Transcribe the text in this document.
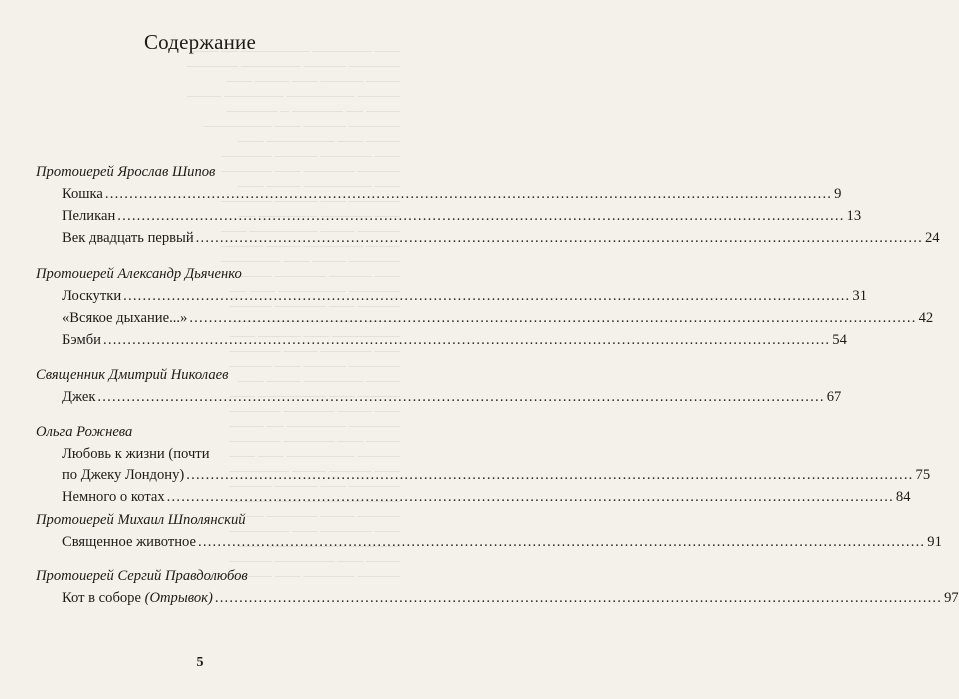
─── ─────── ──────── ── ───
────── ───── ─────── ──────
──── ───── ─── ──── ───
───── ──────── ─────── ────
──── ── ────── ─ ──────
────── ───── ─── ────────
──── ─── ──────── ───
─── ────── ───── ──────
───── ────── ─── ──────
─── ──────── ──── ───
────── ─── ───── ──────
─── ────── ─────── ──
───── ──── ──────── ───
──── ─────── ──── ─────
────── ──── ─── ───────
─── ───── ────── ────
────── ──────── ─── ──
───── ─── ────── ─────
──── ─────── ──── ────
──────── ─── ───── ───
─── ────── ──── ──────
────── ───── ─── ─────
──── ─────── ──── ───
───── ─── ──────── ───
─── ──── ────── ──────
────── ─────── ── ────
──── ─── ────── ──────
───── ──────── ─── ───
─── ───── ──── ───────
────── ─── ───── ─────
──── ─────── ─── ─────
───── ──── ────── ────
─── ────── ─── ───────
────── ───── ──── ───
──── ─── ─────── ─────
───── ────── ─── ─────
Содержание
Протоиерей Ярослав Шипов
Кошка .....	9
Пеликан .....	13
Век двадцать первый .....	24
Протоиерей Александр Дьяченко
Лоскутки .....	31
«Всякое дыхание...» .....	42
Бэмби .....	54
Священник Дмитрий Николаев
Джек .....	67
Ольга Рожнева
Любовь к жизни (почти
по Джеку Лондону) .....	75
Немного о котах .....	84
Протоиерей Михаил Шполянский
Священное животное .....	91
Протоиерей Сергий Правдолюбов
Кот в соборе (Отрывок) .....	97
5
